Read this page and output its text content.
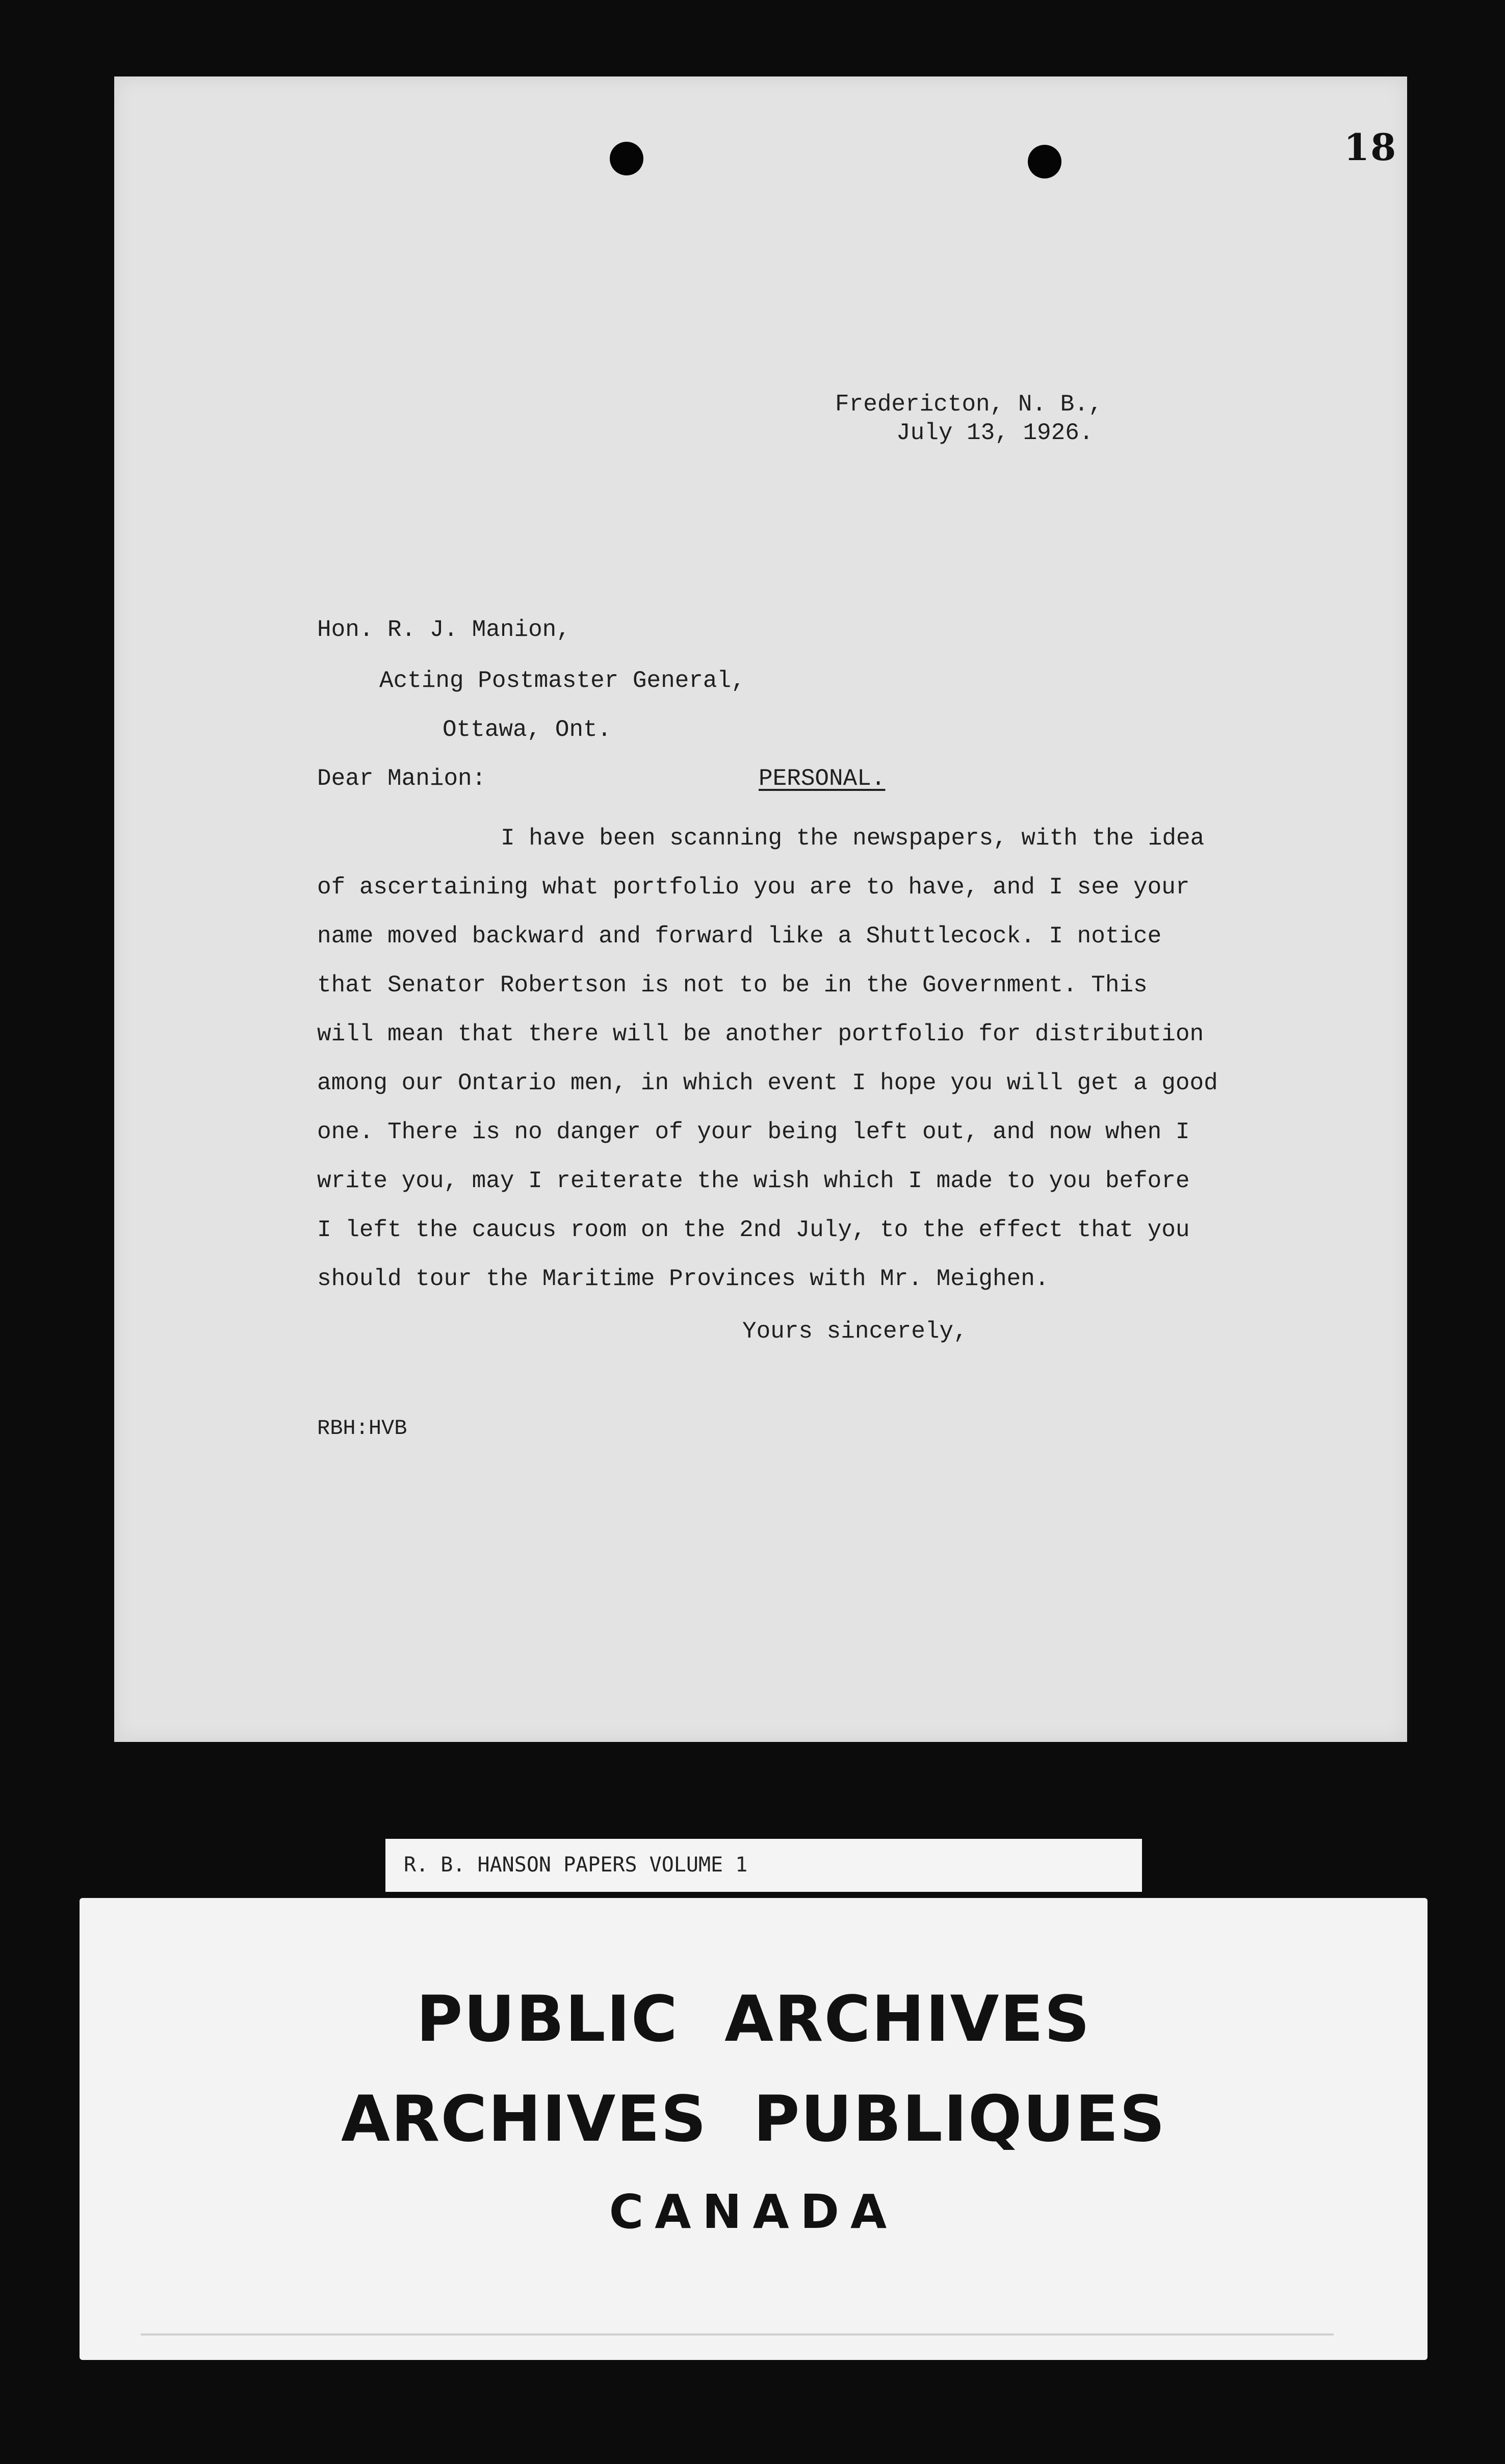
18
Fredericton, N. B.,
July 13, 1926.
Hon. R. J. Manion,
Acting Postmaster General,
Ottawa, Ont.
Dear Manion:	PERSONAL.
I have been scanning the newspapers, with the idea
of ascertaining what portfolio you are to have, and I see your
name moved backward and forward like a Shuttlecock. I notice
that Senator Robertson is not to be in the Government. This
will mean that there will be another portfolio for distribution
among our Ontario men, in which event I hope you will get a good
one. There is no danger of your being left out, and now when I
write you, may I reiterate the wish which I made to you before
I left the caucus room on the 2nd July, to the effect that you
should tour the Maritime Provinces with Mr. Meighen.
Yours sincerely,
RBH:HVB
R. B. HANSON PAPERS VOLUME 1
PUBLIC  ARCHIVES
ARCHIVES  PUBLIQUES
CANADA
